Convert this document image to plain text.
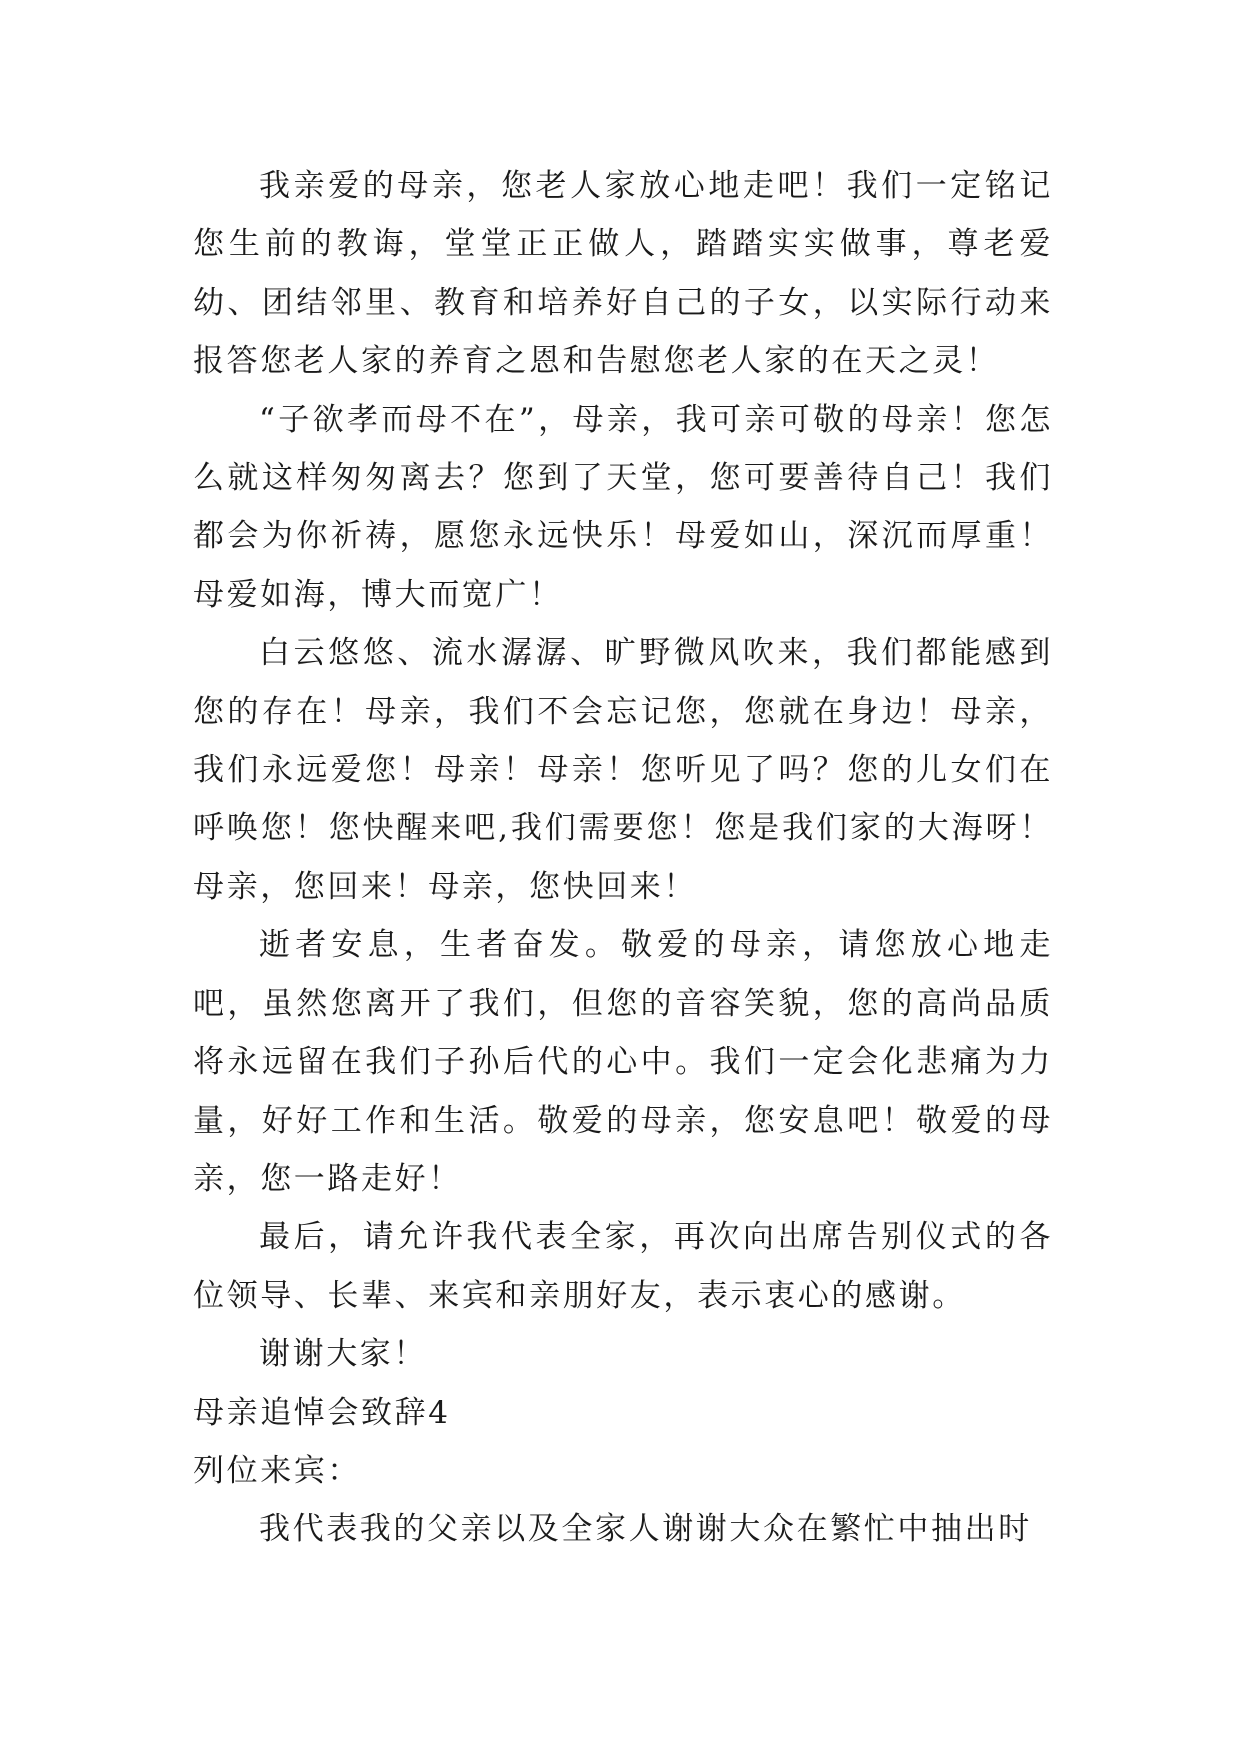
我亲爱的母亲，您老人家放心地走吧！我们一定铭记您生前的教诲，堂堂正正做人，踏踏实实做事，尊老爱幼、团结邻里、教育和培养好自己的子女，以实际行动来报答您老人家的养育之恩和告慰您老人家的在天之灵！

“子欲孝而母不在”，母亲，我可亲可敬的母亲！您怎么就这样匆匆离去？您到了天堂，您可要善待自己！我们都会为你祈祷，愿您永远快乐！母爱如山，深沉而厚重！母爱如海，博大而宽广！

白云悠悠、流水潺潺、旷野微风吹来，我们都能感到您的存在！母亲，我们不会忘记您，您就在身边！母亲，我们永远爱您！母亲！母亲！您听见了吗？您的儿女们在呼唤您！您快醒来吧,我们需要您！您是我们家的大海呀！母亲，您回来！母亲，您快回来！

逝者安息，生者奋发。敬爱的母亲，请您放心地走吧，虽然您离开了我们，但您的音容笑貌，您的高尚品质将永远留在我们子孙后代的心中。我们一定会化悲痛为力量，好好工作和生活。敬爱的母亲，您安息吧！敬爱的母亲，您一路走好！

最后，请允许我代表全家，再次向出席告别仪式的各位领导、长辈、来宾和亲朋好友，表示衷心的感谢。

谢谢大家！

母亲追悼会致辞4

列位来宾：

我代表我的父亲以及全家人谢谢大众在繁忙中抽出时
